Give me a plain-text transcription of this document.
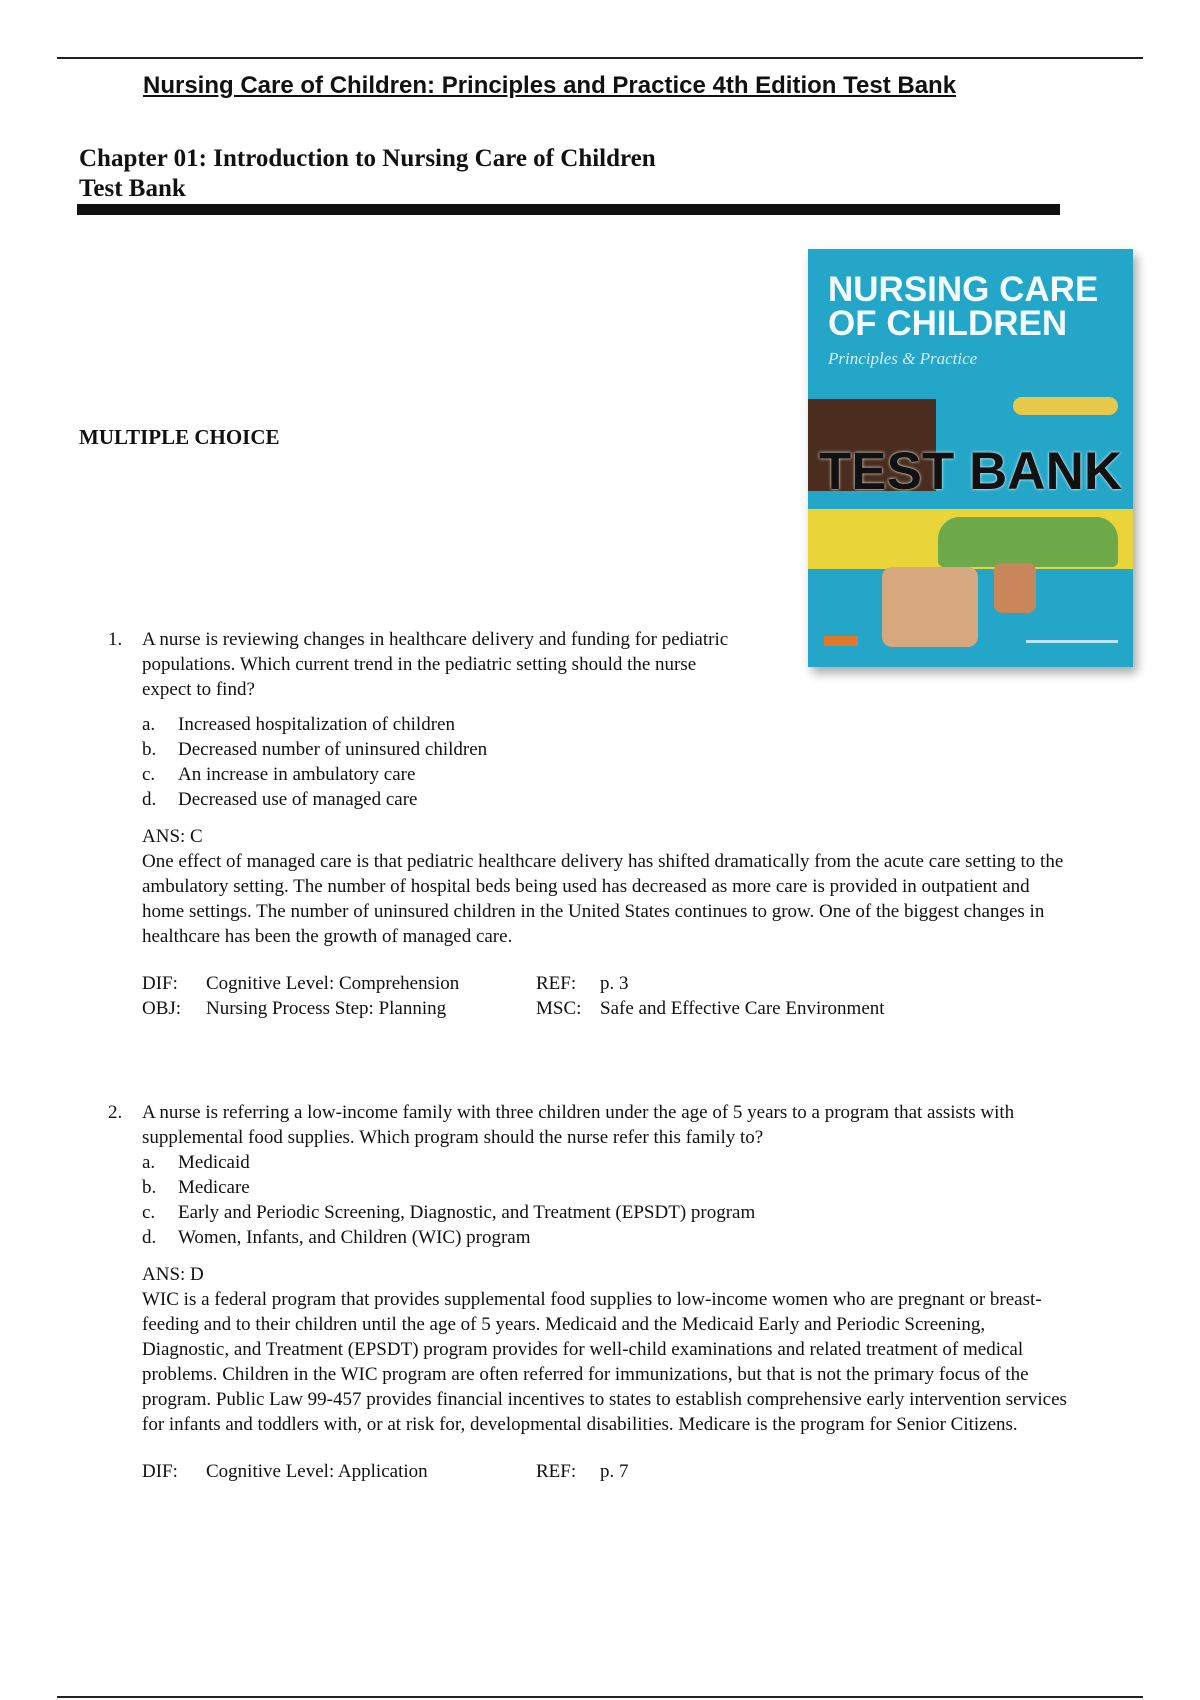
Nursing Care of Children: Principles and Practice 4th Edition Test Bank
Chapter 01: Introduction to Nursing Care of Children
Test Bank
MULTIPLE CHOICE
NURSING CARE
OF CHILDREN
Principles & Practice
TEST BANK
1. A nurse is reviewing changes in healthcare delivery and funding for pediatric populations. Which current trend in the pediatric setting should the nurse expect to find?
a. Increased hospitalization of children
b. Decreased number of uninsured children
c. An increase in ambulatory care
d. Decreased use of managed care
ANS: C
One effect of managed care is that pediatric healthcare delivery has shifted dramatically from the acute care setting to the ambulatory setting. The number of hospital beds being used has decreased as more care is provided in outpatient and home settings. The number of uninsured children in the United States continues to grow. One of the biggest changes in healthcare has been the growth of managed care.
DIF: Cognitive Level: Comprehension	REF: p. 3
OBJ: Nursing Process Step: Planning	MSC: Safe and Effective Care Environment
2. A nurse is referring a low-income family with three children under the age of 5 years to a program that assists with supplemental food supplies. Which program should the nurse refer this family to?
a. Medicaid
b. Medicare
c. Early and Periodic Screening, Diagnostic, and Treatment (EPSDT) program
d. Women, Infants, and Children (WIC) program
ANS: D
WIC is a federal program that provides supplemental food supplies to low-income women who are pregnant or breast-feeding and to their children until the age of 5 years. Medicaid and the Medicaid Early and Periodic Screening, Diagnostic, and Treatment (EPSDT) program provides for well-child examinations and related treatment of medical problems. Children in the WIC program are often referred for immunizations, but that is not the primary focus of the program. Public Law 99-457 provides financial incentives to states to establish comprehensive early intervention services for infants and toddlers with, or at risk for, developmental disabilities. Medicare is the program for Senior Citizens.
DIF: Cognitive Level: Application	REF: p. 7
